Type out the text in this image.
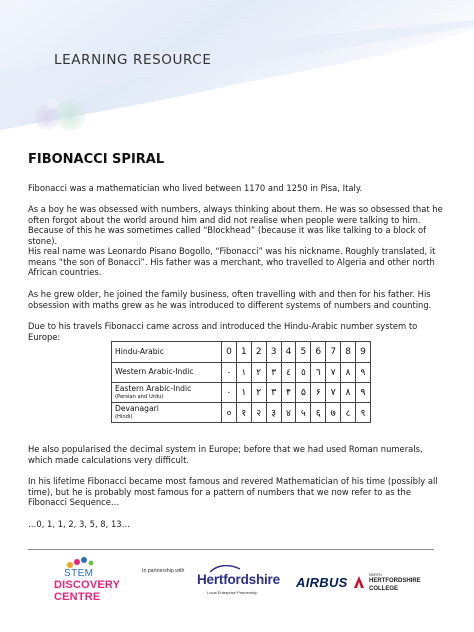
LEARNING RESOURCE
FIBONACCI SPIRAL

Fibonacci was a mathematician who lived between 1170 and 1250 in Pisa, Italy.

As a boy he was obsessed with numbers, always thinking about them. He was so obsessed that he often forgot about the world around him and did not realise when people were talking to him. Because of this he was sometimes called “Blockhead” (because it was like talking to a block of stone).

His real name was Leonardo Pisano Bogollo, “Fibonacci” was his nickname. Roughly translated, it means “the son of Bonacci”. His father was a merchant, who travelled to Algeria and other north African countries.

As he grew older, he joined the family business, often travelling with and then for his father. His obsession with maths grew as he was introduced to different systems of numbers and counting.

Due to his travels Fibonacci came across and introduced the Hindu-Arabic number system to Europe:

Hindu-Arabic	0	1	2	3	4	5	6	7	8	9
Western Arabic-Indic	٠	١	٢	٣	٤	٥	٦	٧	٨	٩
Eastern Arabic-Indic
(Persian and Urdu)	۰	۱	۲	۳	۴	۵	۶	۷	۸	۹
Devanagari
(Hindi)	०	१	२	३	४	५	६	७	८	९

He also popularised the decimal system in Europe; before that we had used Roman numerals, which made calculations very difficult.

In his lifetime Fibonacci became most famous and revered Mathematician of his time (possibly all time), but he is probably most famous for a pattern of numbers that we now refer to as the Fibonacci Sequence…

…0, 1, 1, 2, 3, 5, 8, 13…

STEM
DISCOVERY
CENTRE
In partnership with
Hertfordshire
Local Enterprise Partnership
AIRBUS	NORTH
HERTFORDSHIRE
COLLEGE
